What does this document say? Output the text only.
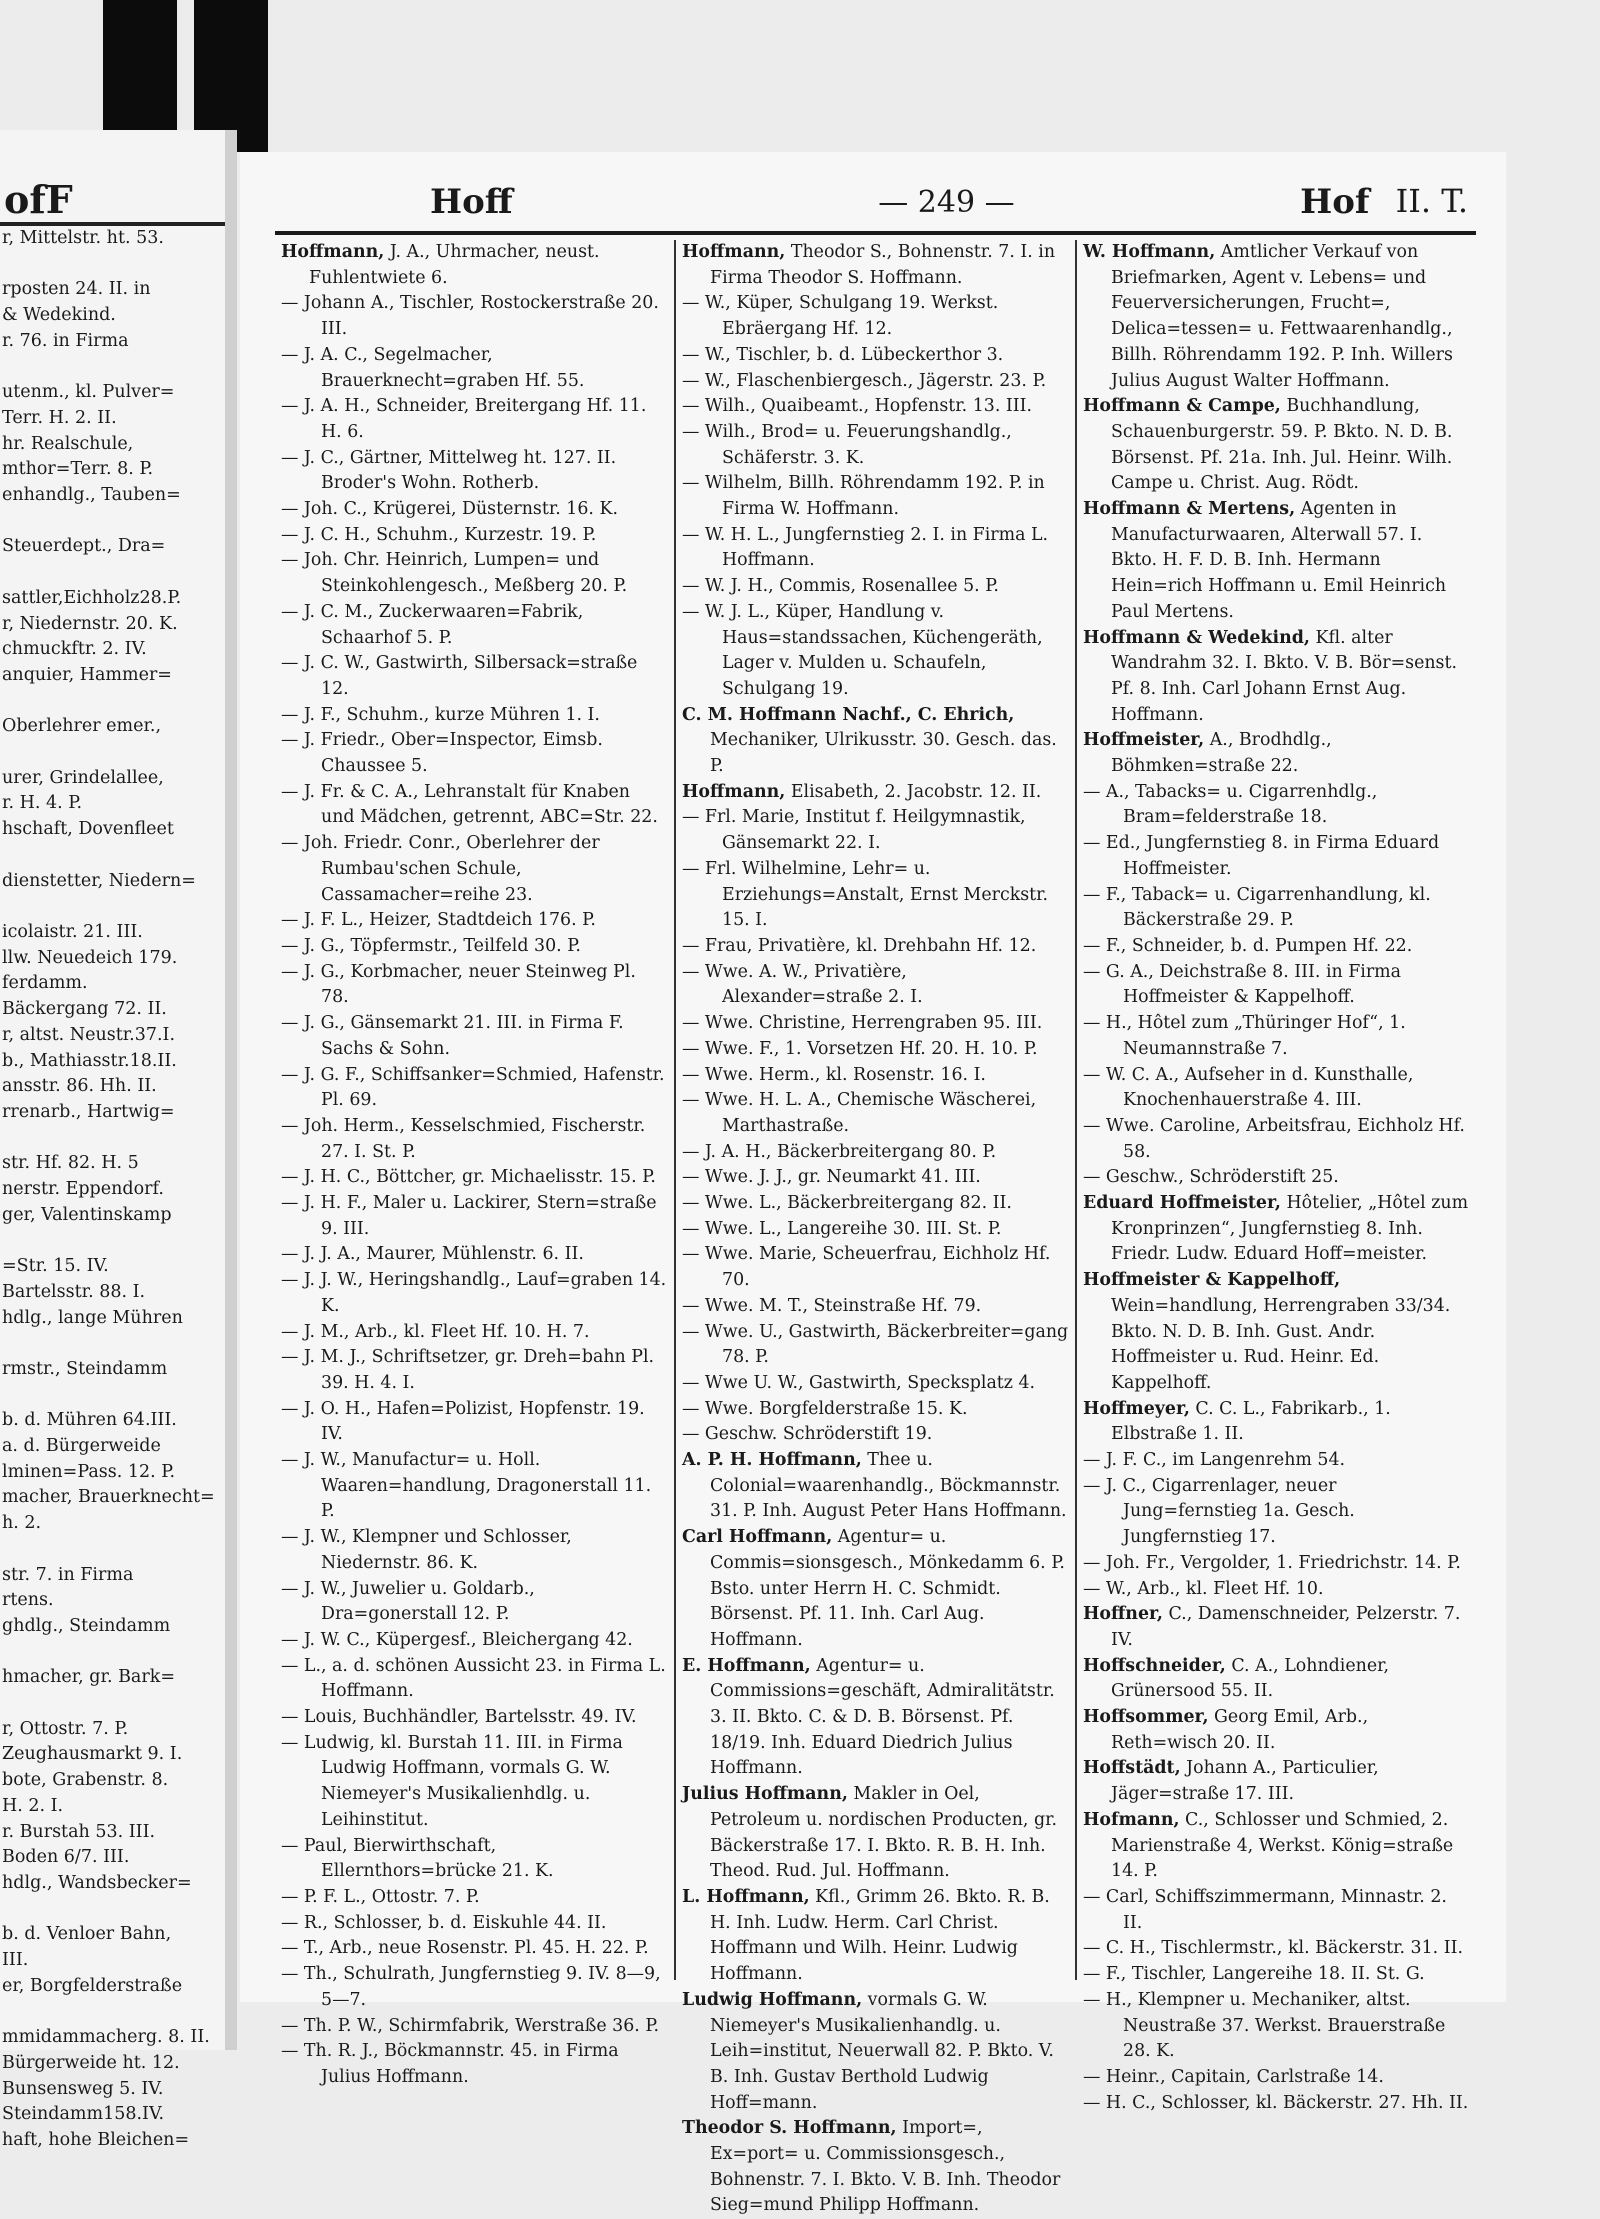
ofF
r, Mittelstr. ht. 53.

rposten 24. II. in
& Wedekind.
r. 76. in Firma

utenm., kl. Pulver=
Terr. H. 2. II.
hr. Realschule,
mthor=Terr. 8. P.
enhandlg., Tauben=

Steuerdept., Dra=

sattler,Eichholz28.P.
r, Niedernstr. 20. K.
chmuckftr. 2. IV.
anquier, Hammer=

Oberlehrer emer.,

urer, Grindelallee,
r. H. 4. P.
hschaft, Dovenfleet

dienstetter, Niedern=

icolaistr. 21. III.
llw. Neuedeich 179.
ferdamm.
Bäckergang 72. II.
r, altst. Neustr.37.I.
b., Mathiasstr.18.II.
ansstr. 86. Hh. II.
rrenarb., Hartwig=

str. Hf. 82. H. 5
nerstr. Eppendorf.
ger, Valentinskamp

=Str. 15. IV.
Bartelsstr. 88. I.
hdlg., lange Mühren

rmstr., Steindamm

b. d. Mühren 64.III.
a. d. Bürgerweide
lminen=Pass. 12. P.
macher, Brauerknecht=
h. 2.

str. 7. in Firma
rtens.
ghdlg., Steindamm

hmacher, gr. Bark=

r, Ottostr. 7. P.
Zeughausmarkt 9. I.
bote, Grabenstr. 8.
H. 2. I.
r. Burstah 53. III.
Boden 6/7. III.
hdlg., Wandsbecker=

b. d. Venloer Bahn,
III.
er, Borgfelderstraße

mmidammacherg. 8. II.
Bürgerweide ht. 12.
Bunsensweg 5. IV.
Steindamm158.IV.
haft, hohe Bleichen=
Hoff	— 249 —	Hof II. T.

Hoffmann, J. A., Uhrmacher, neust. Fuhlentwiete 6.

— Johann A., Tischler, Rostockerstraße 20. III.

— J. A. C., Segelmacher, Brauerknecht=graben Hf. 55.

— J. A. H., Schneider, Breitergang Hf. 11. H. 6.

— J. C., Gärtner, Mittelweg ht. 127. II. Broder's Wohn. Rotherb.

— Joh. C., Krügerei, Düsternstr. 16. K.

— J. C. H., Schuhm., Kurzestr. 19. P.

— Joh. Chr. Heinrich, Lumpen= und Steinkohlengesch., Meßberg 20. P.

— J. C. M., Zuckerwaaren=Fabrik, Schaarhof 5. P.

— J. C. W., Gastwirth, Silbersack=straße 12.

— J. F., Schuhm., kurze Mühren 1. I.

— J. Friedr., Ober=Inspector, Eimsb. Chaussee 5.

— J. Fr. & C. A., Lehranstalt für Knaben und Mädchen, getrennt, ABC=Str. 22.

— Joh. Friedr. Conr., Oberlehrer der Rumbau'schen Schule, Cassamacher=reihe 23.

— J. F. L., Heizer, Stadtdeich 176. P.

— J. G., Töpfermstr., Teilfeld 30. P.

— J. G., Korbmacher, neuer Steinweg Pl. 78.

— J. G., Gänsemarkt 21. III. in Firma F. Sachs & Sohn.

— J. G. F., Schiffsanker=Schmied, Hafenstr. Pl. 69.

— Joh. Herm., Kesselschmied, Fischerstr. 27. I. St. P.

— J. H. C., Böttcher, gr. Michaelisstr. 15. P.

— J. H. F., Maler u. Lackirer, Stern=straße 9. III.

— J. J. A., Maurer, Mühlenstr. 6. II.

— J. J. W., Heringshandlg., Lauf=graben 14. K.

— J. M., Arb., kl. Fleet Hf. 10. H. 7.

— J. M. J., Schriftsetzer, gr. Dreh=bahn Pl. 39. H. 4. I.

— J. O. H., Hafen=Polizist, Hopfenstr. 19. IV.

— J. W., Manufactur= u. Holl. Waaren=handlung, Dragonerstall 11. P.

— J. W., Klempner und Schlosser, Niedernstr. 86. K.

— J. W., Juwelier u. Goldarb., Dra=gonerstall 12. P.

— J. W. C., Küpergesf., Bleichergang 42.

— L., a. d. schönen Aussicht 23. in Firma L. Hoffmann.

— Louis, Buchhändler, Bartelsstr. 49. IV.

— Ludwig, kl. Burstah 11. III. in Firma Ludwig Hoffmann, vormals G. W. Niemeyer's Musikalienhdlg. u. Leihinstitut.

— Paul, Bierwirthschaft, Ellernthors=brücke 21. K.

— P. F. L., Ottostr. 7. P.

— R., Schlosser, b. d. Eiskuhle 44. II.

— T., Arb., neue Rosenstr. Pl. 45. H. 22. P.

— Th., Schulrath, Jungfernstieg 9. IV. 8—9, 5—7.

— Th. P. W., Schirmfabrik, Werstraße 36. P.

— Th. R. J., Böckmannstr. 45. in Firma Julius Hoffmann.

Hoffmann, Theodor S., Bohnenstr. 7. I. in Firma Theodor S. Hoffmann.

— W., Küper, Schulgang 19. Werkst. Ebräergang Hf. 12.

— W., Tischler, b. d. Lübeckerthor 3.

— W., Flaschenbiergesch., Jägerstr. 23. P.

— Wilh., Quaibeamt., Hopfenstr. 13. III.

— Wilh., Brod= u. Feuerungshandlg., Schäferstr. 3. K.

— Wilhelm, Billh. Röhrendamm 192. P. in Firma W. Hoffmann.

— W. H. L., Jungfernstieg 2. I. in Firma L. Hoffmann.

— W. J. H., Commis, Rosenallee 5. P.

— W. J. L., Küper, Handlung v. Haus=standssachen, Küchengeräth, Lager v. Mulden u. Schaufeln, Schulgang 19.

C. M. Hoffmann Nachf., C. Ehrich, Mechaniker, Ulrikusstr. 30. Gesch. das. P.

Hoffmann, Elisabeth, 2. Jacobstr. 12. II.

— Frl. Marie, Institut f. Heilgymnastik, Gänsemarkt 22. I.

— Frl. Wilhelmine, Lehr= u. Erziehungs=Anstalt, Ernst Merckstr. 15. I.

— Frau, Privatière, kl. Drehbahn Hf. 12.

— Wwe. A. W., Privatière, Alexander=straße 2. I.

— Wwe. Christine, Herrengraben 95. III.

— Wwe. F., 1. Vorsetzen Hf. 20. H. 10. P.

— Wwe. Herm., kl. Rosenstr. 16. I.

— Wwe. H. L. A., Chemische Wäscherei, Marthastraße.

— J. A. H., Bäckerbreitergang 80. P.

— Wwe. J. J., gr. Neumarkt 41. III.

— Wwe. L., Bäckerbreitergang 82. II.

— Wwe. L., Langereihe 30. III. St. P.

— Wwe. Marie, Scheuerfrau, Eichholz Hf. 70.

— Wwe. M. T., Steinstraße Hf. 79.

— Wwe. U., Gastwirth, Bäckerbreiter=gang 78. P.

— Wwe U. W., Gastwirth, Specksplatz 4.

— Wwe. Borgfelderstraße 15. K.

— Geschw. Schröderstift 19.

A. P. H. Hoffmann, Thee u. Colonial=waarenhandlg., Böckmannstr. 31. P. Inh. August Peter Hans Hoffmann.

Carl Hoffmann, Agentur= u. Commis=sionsgesch., Mönkedamm 6. P. Bsto. unter Herrn H. C. Schmidt. Börsenst. Pf. 11. Inh. Carl Aug. Hoffmann.

E. Hoffmann, Agentur= u. Commissions=geschäft, Admiralitätstr. 3. II. Bkto. C. & D. B. Börsenst. Pf. 18/19. Inh. Eduard Diedrich Julius Hoffmann.

Julius Hoffmann, Makler in Oel, Petroleum u. nordischen Producten, gr. Bäckerstraße 17. I. Bkto. R. B. H. Inh. Theod. Rud. Jul. Hoffmann.

L. Hoffmann, Kfl., Grimm 26. Bkto. R. B. H. Inh. Ludw. Herm. Carl Christ. Hoffmann und Wilh. Heinr. Ludwig Hoffmann.

Ludwig Hoffmann, vormals G. W. Niemeyer's Musikalienhandlg. u. Leih=institut, Neuerwall 82. P. Bkto. V. B. Inh. Gustav Berthold Ludwig Hoff=mann.

Theodor S. Hoffmann, Import=, Ex=port= u. Commissionsgesch., Bohnenstr. 7. I. Bkto. V. B. Inh. Theodor Sieg=mund Philipp Hoffmann.

W. Hoffmann, Amtlicher Verkauf von Briefmarken, Agent v. Lebens= und Feuerversicherungen, Frucht=, Delica=tessen= u. Fettwaarenhandlg., Billh. Röhrendamm 192. P. Inh. Willers Julius August Walter Hoffmann.

Hoffmann & Campe, Buchhandlung, Schauenburgerstr. 59. P. Bkto. N. D. B. Börsenst. Pf. 21a. Inh. Jul. Heinr. Wilh. Campe u. Christ. Aug. Rödt.

Hoffmann & Mertens, Agenten in Manufacturwaaren, Alterwall 57. I. Bkto. H. F. D. B. Inh. Hermann Hein=rich Hoffmann u. Emil Heinrich Paul Mertens.

Hoffmann & Wedekind, Kfl. alter Wandrahm 32. I. Bkto. V. B. Bör=senst. Pf. 8. Inh. Carl Johann Ernst Aug. Hoffmann.

Hoffmeister, A., Brodhdlg., Böhmken=straße 22.

— A., Tabacks= u. Cigarrenhdlg., Bram=felderstraße 18.

— Ed., Jungfernstieg 8. in Firma Eduard Hoffmeister.

— F., Taback= u. Cigarrenhandlung, kl. Bäckerstraße 29. P.

— F., Schneider, b. d. Pumpen Hf. 22.

— G. A., Deichstraße 8. III. in Firma Hoffmeister & Kappelhoff.

— H., Hôtel zum „Thüringer Hof“, 1. Neumannstraße 7.

— W. C. A., Aufseher in d. Kunsthalle, Knochenhauerstraße 4. III.

— Wwe. Caroline, Arbeitsfrau, Eichholz Hf. 58.

— Geschw., Schröderstift 25.

Eduard Hoffmeister, Hôtelier, „Hôtel zum Kronprinzen“, Jungfernstieg 8. Inh. Friedr. Ludw. Eduard Hoff=meister.

Hoffmeister & Kappelhoff, Wein=handlung, Herrengraben 33/34. Bkto. N. D. B. Inh. Gust. Andr. Hoffmeister u. Rud. Heinr. Ed. Kappelhoff.

Hoffmeyer, C. C. L., Fabrikarb., 1. Elbstraße 1. II.

— J. F. C., im Langenrehm 54.

— J. C., Cigarrenlager, neuer Jung=fernstieg 1a. Gesch. Jungfernstieg 17.

— Joh. Fr., Vergolder, 1. Friedrichstr. 14. P.

— W., Arb., kl. Fleet Hf. 10.

Hoffner, C., Damenschneider, Pelzerstr. 7. IV.

Hoffschneider, C. A., Lohndiener, Grünersood 55. II.

Hoffsommer, Georg Emil, Arb., Reth=wisch 20. II.

Hoffstädt, Johann A., Particulier, Jäger=straße 17. III.

Hofmann, C., Schlosser und Schmied, 2. Marienstraße 4, Werkst. König=straße 14. P.

— Carl, Schiffszimmermann, Minnastr. 2. II.

— C. H., Tischlermstr., kl. Bäckerstr. 31. II.

— F., Tischler, Langereihe 18. II. St. G.

— H., Klempner u. Mechaniker, altst. Neustraße 37. Werkst. Brauerstraße 28. K.

— Heinr., Capitain, Carlstraße 14.

— H. C., Schlosser, kl. Bäckerstr. 27. Hh. II.
